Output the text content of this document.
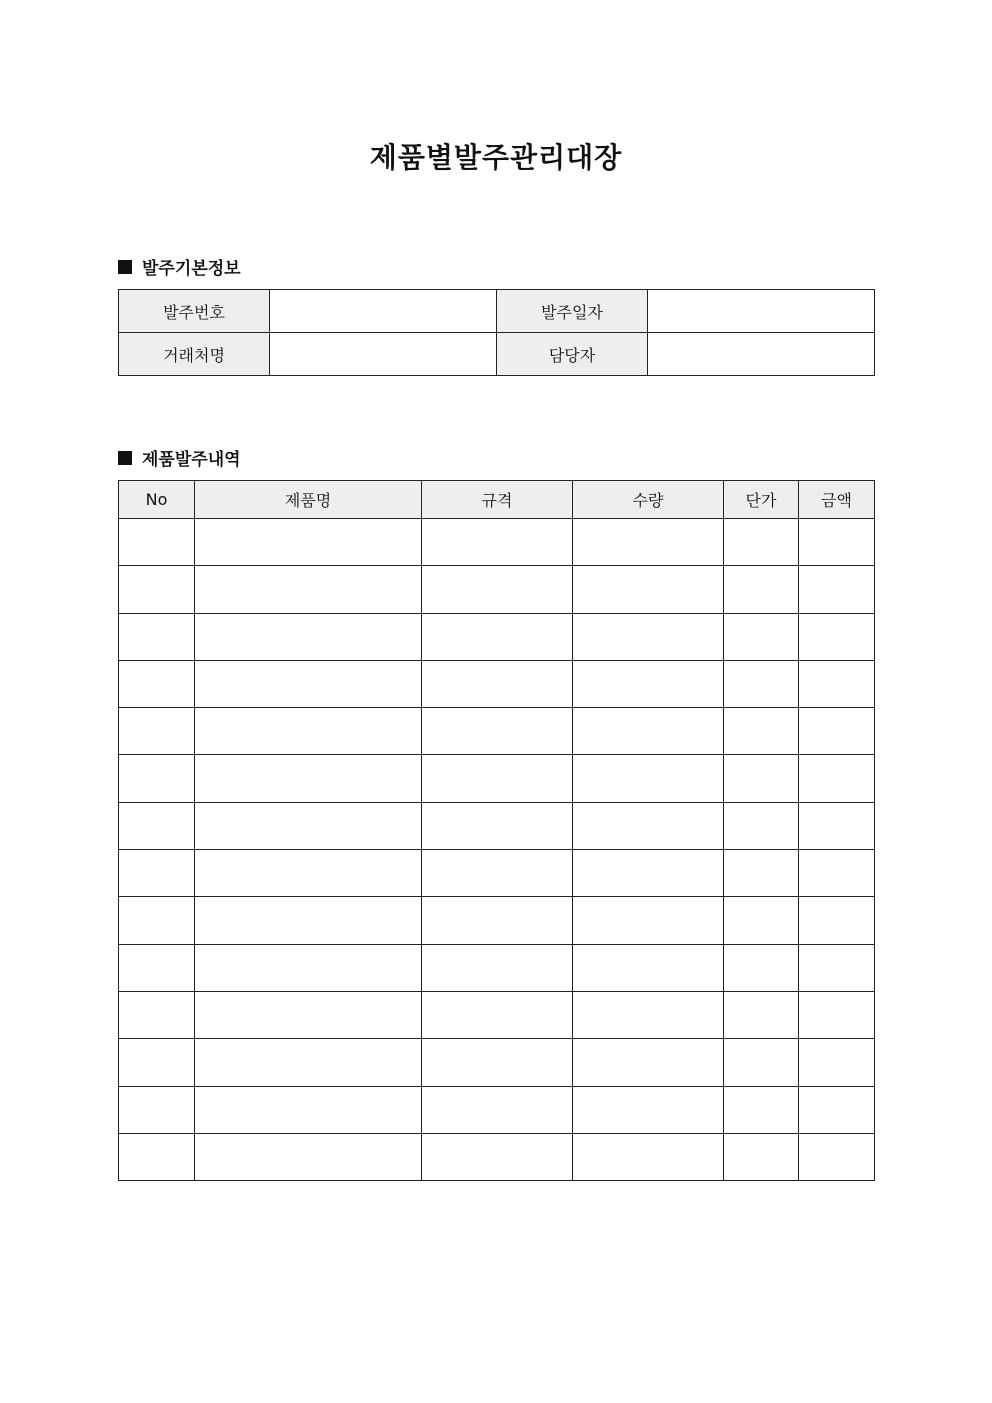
제품별발주관리대장
발주기본정보
발주번호		발주일자	
거래처명		담당자	
제품발주내역
No	제품명	규격	수량	단가	금액
